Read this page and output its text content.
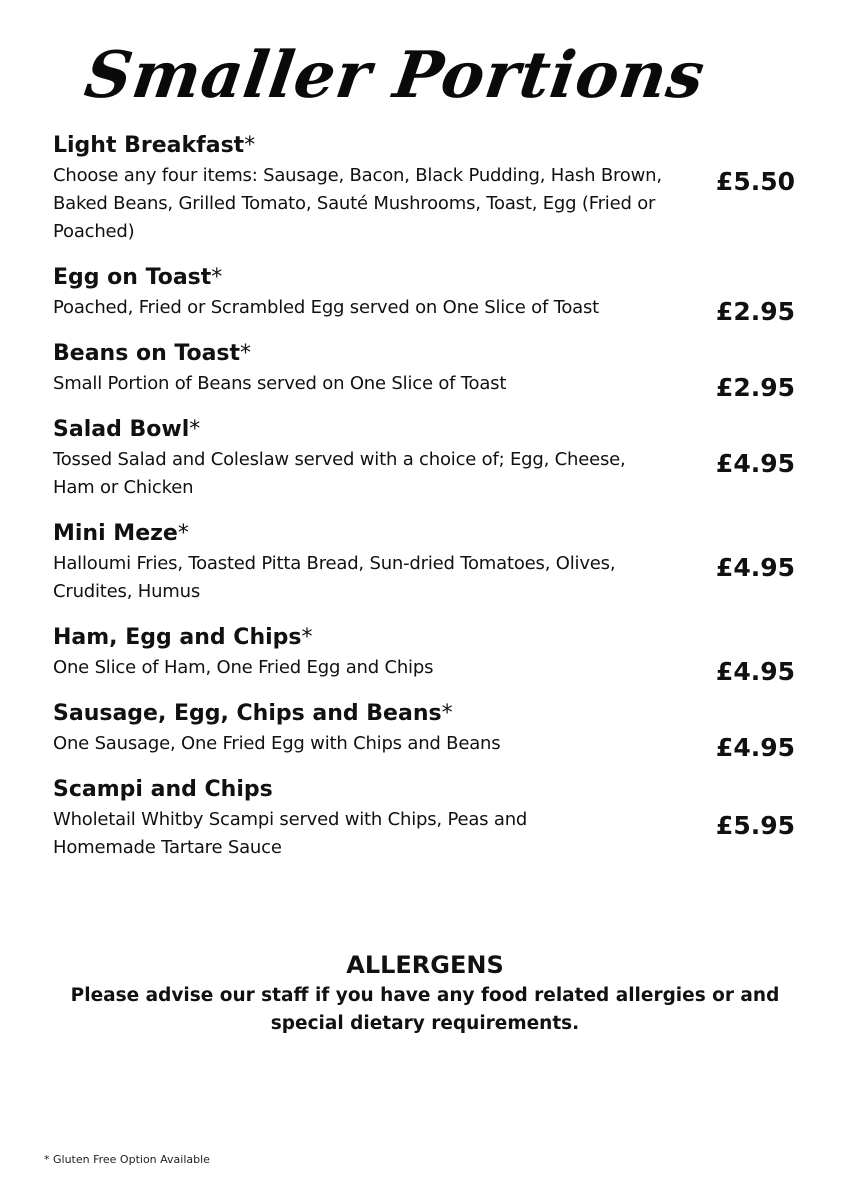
Smaller Portions
Light Breakfast*
£5.50
Choose any four items: Sausage, Bacon, Black Pudding, Hash Brown, Baked Beans, Grilled Tomato, Sauté Mushrooms, Toast, Egg (Fried or Poached)
Egg on Toast*
£2.95
Poached, Fried or Scrambled Egg served on One Slice of Toast
Beans on Toast*
£2.95
Small Portion of Beans served on One Slice of Toast
Salad Bowl*
£4.95
Tossed Salad and Coleslaw served with a choice of; Egg, Cheese, Ham or Chicken
Mini Meze*
£4.95
Halloumi Fries, Toasted Pitta Bread, Sun-dried Tomatoes, Olives, Crudites, Humus
Ham, Egg and Chips*
£4.95
One Slice of Ham, One Fried Egg and Chips
Sausage, Egg, Chips and Beans*
£4.95
One Sausage, One Fried Egg with Chips and Beans
Scampi and Chips
£5.95
Wholetail Whitby Scampi served with Chips, Peas and Homemade Tartare Sauce
ALLERGENS
Please advise our staff if you have any food related allergies or and special dietary requirements.
* Gluten Free Option Available
